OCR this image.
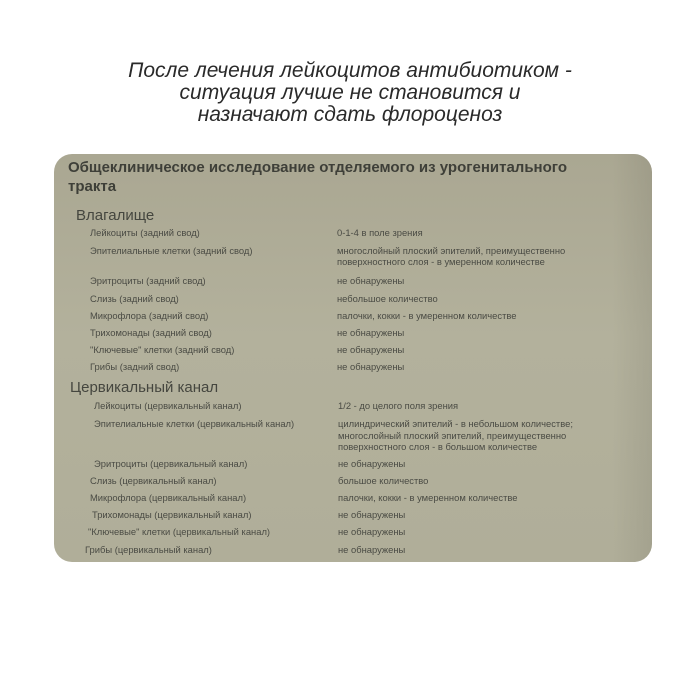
После лечения лейкоцитов антибиотиком -
ситуация лучше не становится и
назначают сдать флороценоз
Общеклиническое исследование отделяемого из урогенитального
тракта
Влагалище
Лейкоциты (задний свод)	0-1-4 в поле зрения
Эпителиальные клетки (задний свод)	многослойный плоский эпителий, преимущественно
поверхностного слоя - в умеренном количестве
Эритроциты (задний свод)	не обнаружены
Слизь (задний свод)	небольшое количество
Микрофлора (задний свод)	палочки, кокки - в умеренном количестве
Трихомонады (задний свод)	не обнаружены
"Ключевые" клетки (задний свод)	не обнаружены
Грибы (задний свод)	не обнаружены
Цервикальный канал
Лейкоциты (цервикальный канал)	1/2 - до целого поля зрения
Эпителиальные клетки (цервикальный канал)	цилиндрический эпителий - в небольшом количестве;
многослойный плоский эпителий, преимущественно
поверхностного слоя - в большом количестве
Эритроциты (цервикальный канал)	не обнаружены
Слизь (цервикальный канал)	большое количество
Микрофлора (цервикальный канал)	палочки, кокки - в умеренном количестве
Трихомонады (цервикальный канал)	не обнаружены
"Ключевые" клетки (цервикальный канал)	не обнаружены
Грибы (цервикальный канал)	не обнаружены
